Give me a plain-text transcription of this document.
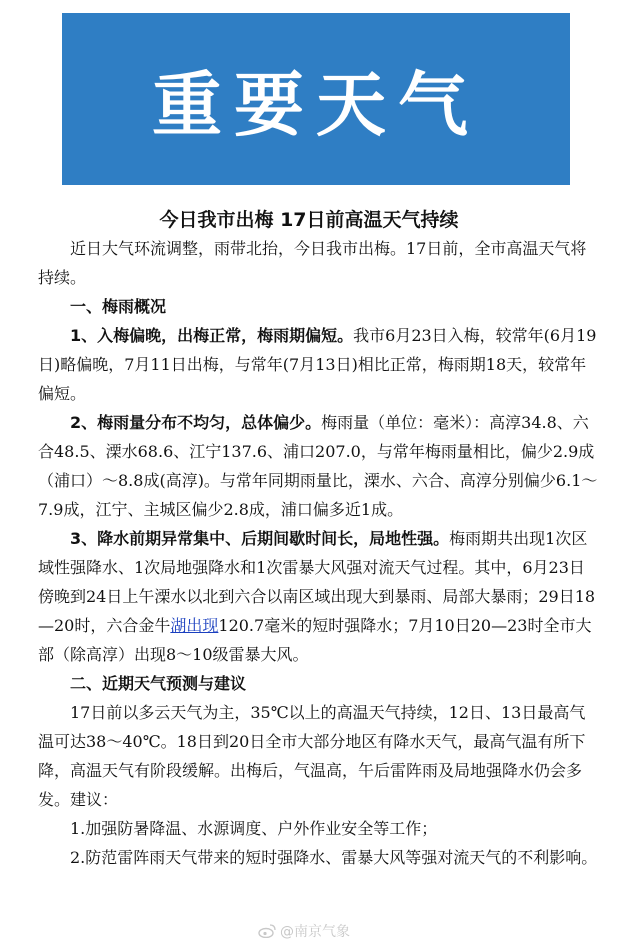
重要天气
今日我市出梅 17日前高温天气持续

近日大气环流调整，雨带北抬，今日我市出梅。17日前，全市高温天气将持续。

一、梅雨概况

1、入梅偏晚，出梅正常，梅雨期偏短。我市6月23日入梅，较常年(6月19日)略偏晚，7月11日出梅，与常年(7月13日)相比正常，梅雨期18天，较常年偏短。

2、梅雨量分布不均匀，总体偏少。梅雨量（单位：毫米）：高淳34.8、六合48.5、溧水68.6、江宁137.6、浦口207.0，与常年梅雨量相比，偏少2.9成（浦口）～8.8成(高淳)。与常年同期雨量比，溧水、六合、高淳分别偏少6.1～7.9成，江宁、主城区偏少2.8成，浦口偏多近1成。

3、降水前期异常集中、后期间歇时间长，局地性强。梅雨期共出现1次区域性强降水、1次局地强降水和1次雷暴大风强对流天气过程。其中，6月23日傍晚到24日上午溧水以北到六合以南区域出现大到暴雨、局部大暴雨；29日18—20时，六合金牛湖出现120.7毫米的短时强降水；7月10日20—23时全市大部（除高淳）出现8～10级雷暴大风。

二、近期天气预测与建议

17日前以多云天气为主，35℃以上的高温天气持续，12日、13日最高气温可达38～40℃。18日到20日全市大部分地区有降水天气，最高气温有所下降，高温天气有阶段缓解。出梅后，气温高，午后雷阵雨及局地强降水仍会多发。建议：

1.加强防暑降温、水源调度、户外作业安全等工作；

2.防范雷阵雨天气带来的短时强降水、雷暴大风等强对流天气的不利影响。

@南京气象
